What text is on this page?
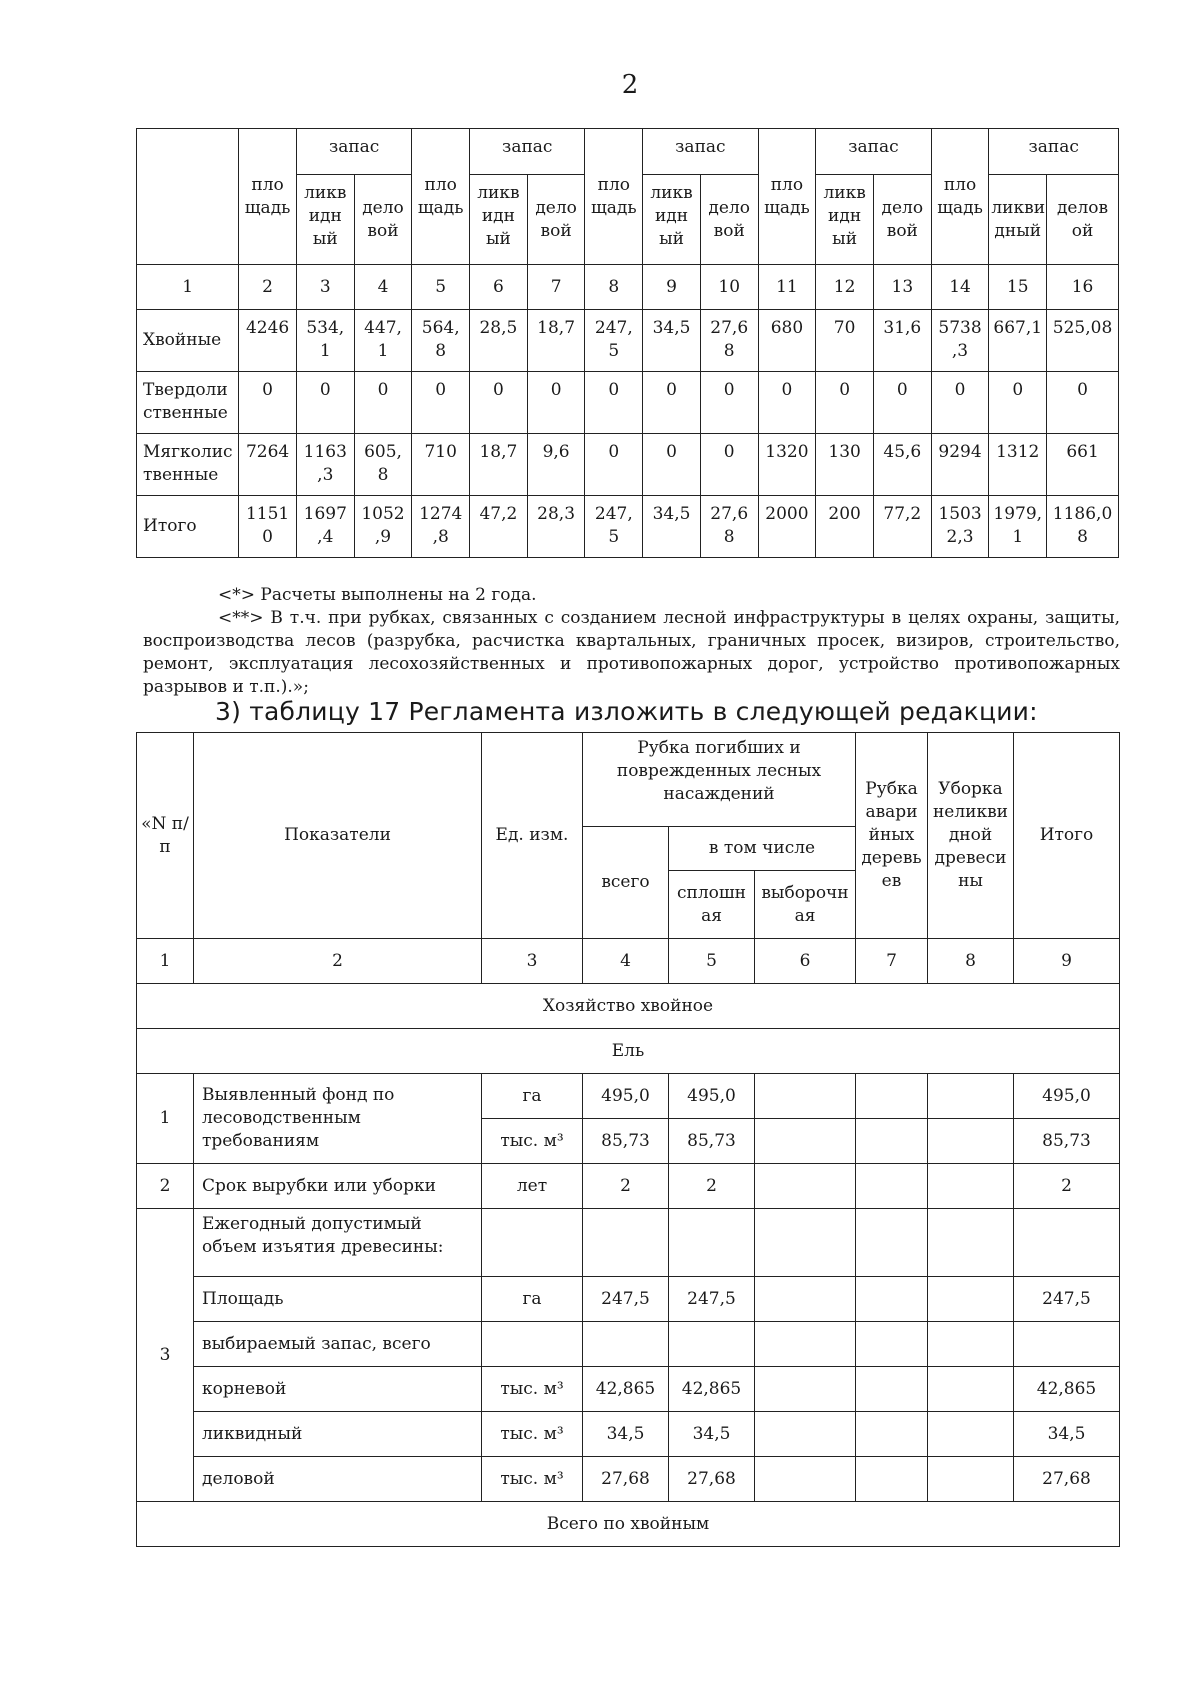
2
	пло щадь	запас		пло щадь	запас		пло щадь	запас		пло щадь	запас		пло щадь	запас	
		ликв идн ый	дело вой		ликв идн ый	дело вой		ликв идн ый	дело вой		ликв идн ый	дело вой		ликви дный	делов ой
1	2	3	4	5	6	7	8	9	10	11	12	13	14	15	16
Хвойные	4246	534, 1	447, 1	564, 8	28,5	18,7	247, 5	34,5	27,6 8	680	70	31,6	5738 ,3	667,1	525,08
Твердоли ственные	0	0	0	0	0	0	0	0	0	0	0	0	0	0	0
Мягколис твенные	7264	1163 ,3	605, 8	710	18,7	9,6	0	0	0	1320	130	45,6	9294	1312	661
Итого	1151 0	1697 ,4	1052 ,9	1274 ,8	47,2	28,3	247, 5	34,5	27,6 8	2000	200	77,2	1503 2,3	1979, 1	1186,0 8

<*> Расчеты выполнены на 2 года.

<**> В т.ч. при рубках, связанных с созданием лесной инфраструктуры в целях охраны, защиты, воспроизводства лесов (разрубка, расчистка квартальных, граничных просек, визиров, строительство, ремонт, эксплуатация лесохозяйственных и противопожарных дорог, устройство противопожарных разрывов и т.п.).»;

3) таблицу 17 Регламента изложить в следующей редакции:
«N п/п	Показатели	Ед. изм.	Рубка погибших и поврежденных лесных насаждений			Рубка авари йных деревь ев	Уборка неликви дной древеси ны	Итого
			всего	в том числе				
				сплошн ая	выборочн ая			
1	2	3	4	5	6	7	8	9
Хозяйство хвойное								
Ель								
1	Выявленный фонд по лесоводственным требованиям	га	495,0	495,0				495,0
		тыс. м³	85,73	85,73				85,73
2	Срок вырубки или уборки	лет	2	2				2
3	Ежегодный допустимый объем изъятия древесины:							
	Площадь	га	247,5	247,5				247,5
	выбираемый запас, всего							
	корневой	тыс. м³	42,865	42,865				42,865
	ликвидный	тыс. м³	34,5	34,5				34,5
	деловой	тыс. м³	27,68	27,68				27,68
Всего по хвойным								
